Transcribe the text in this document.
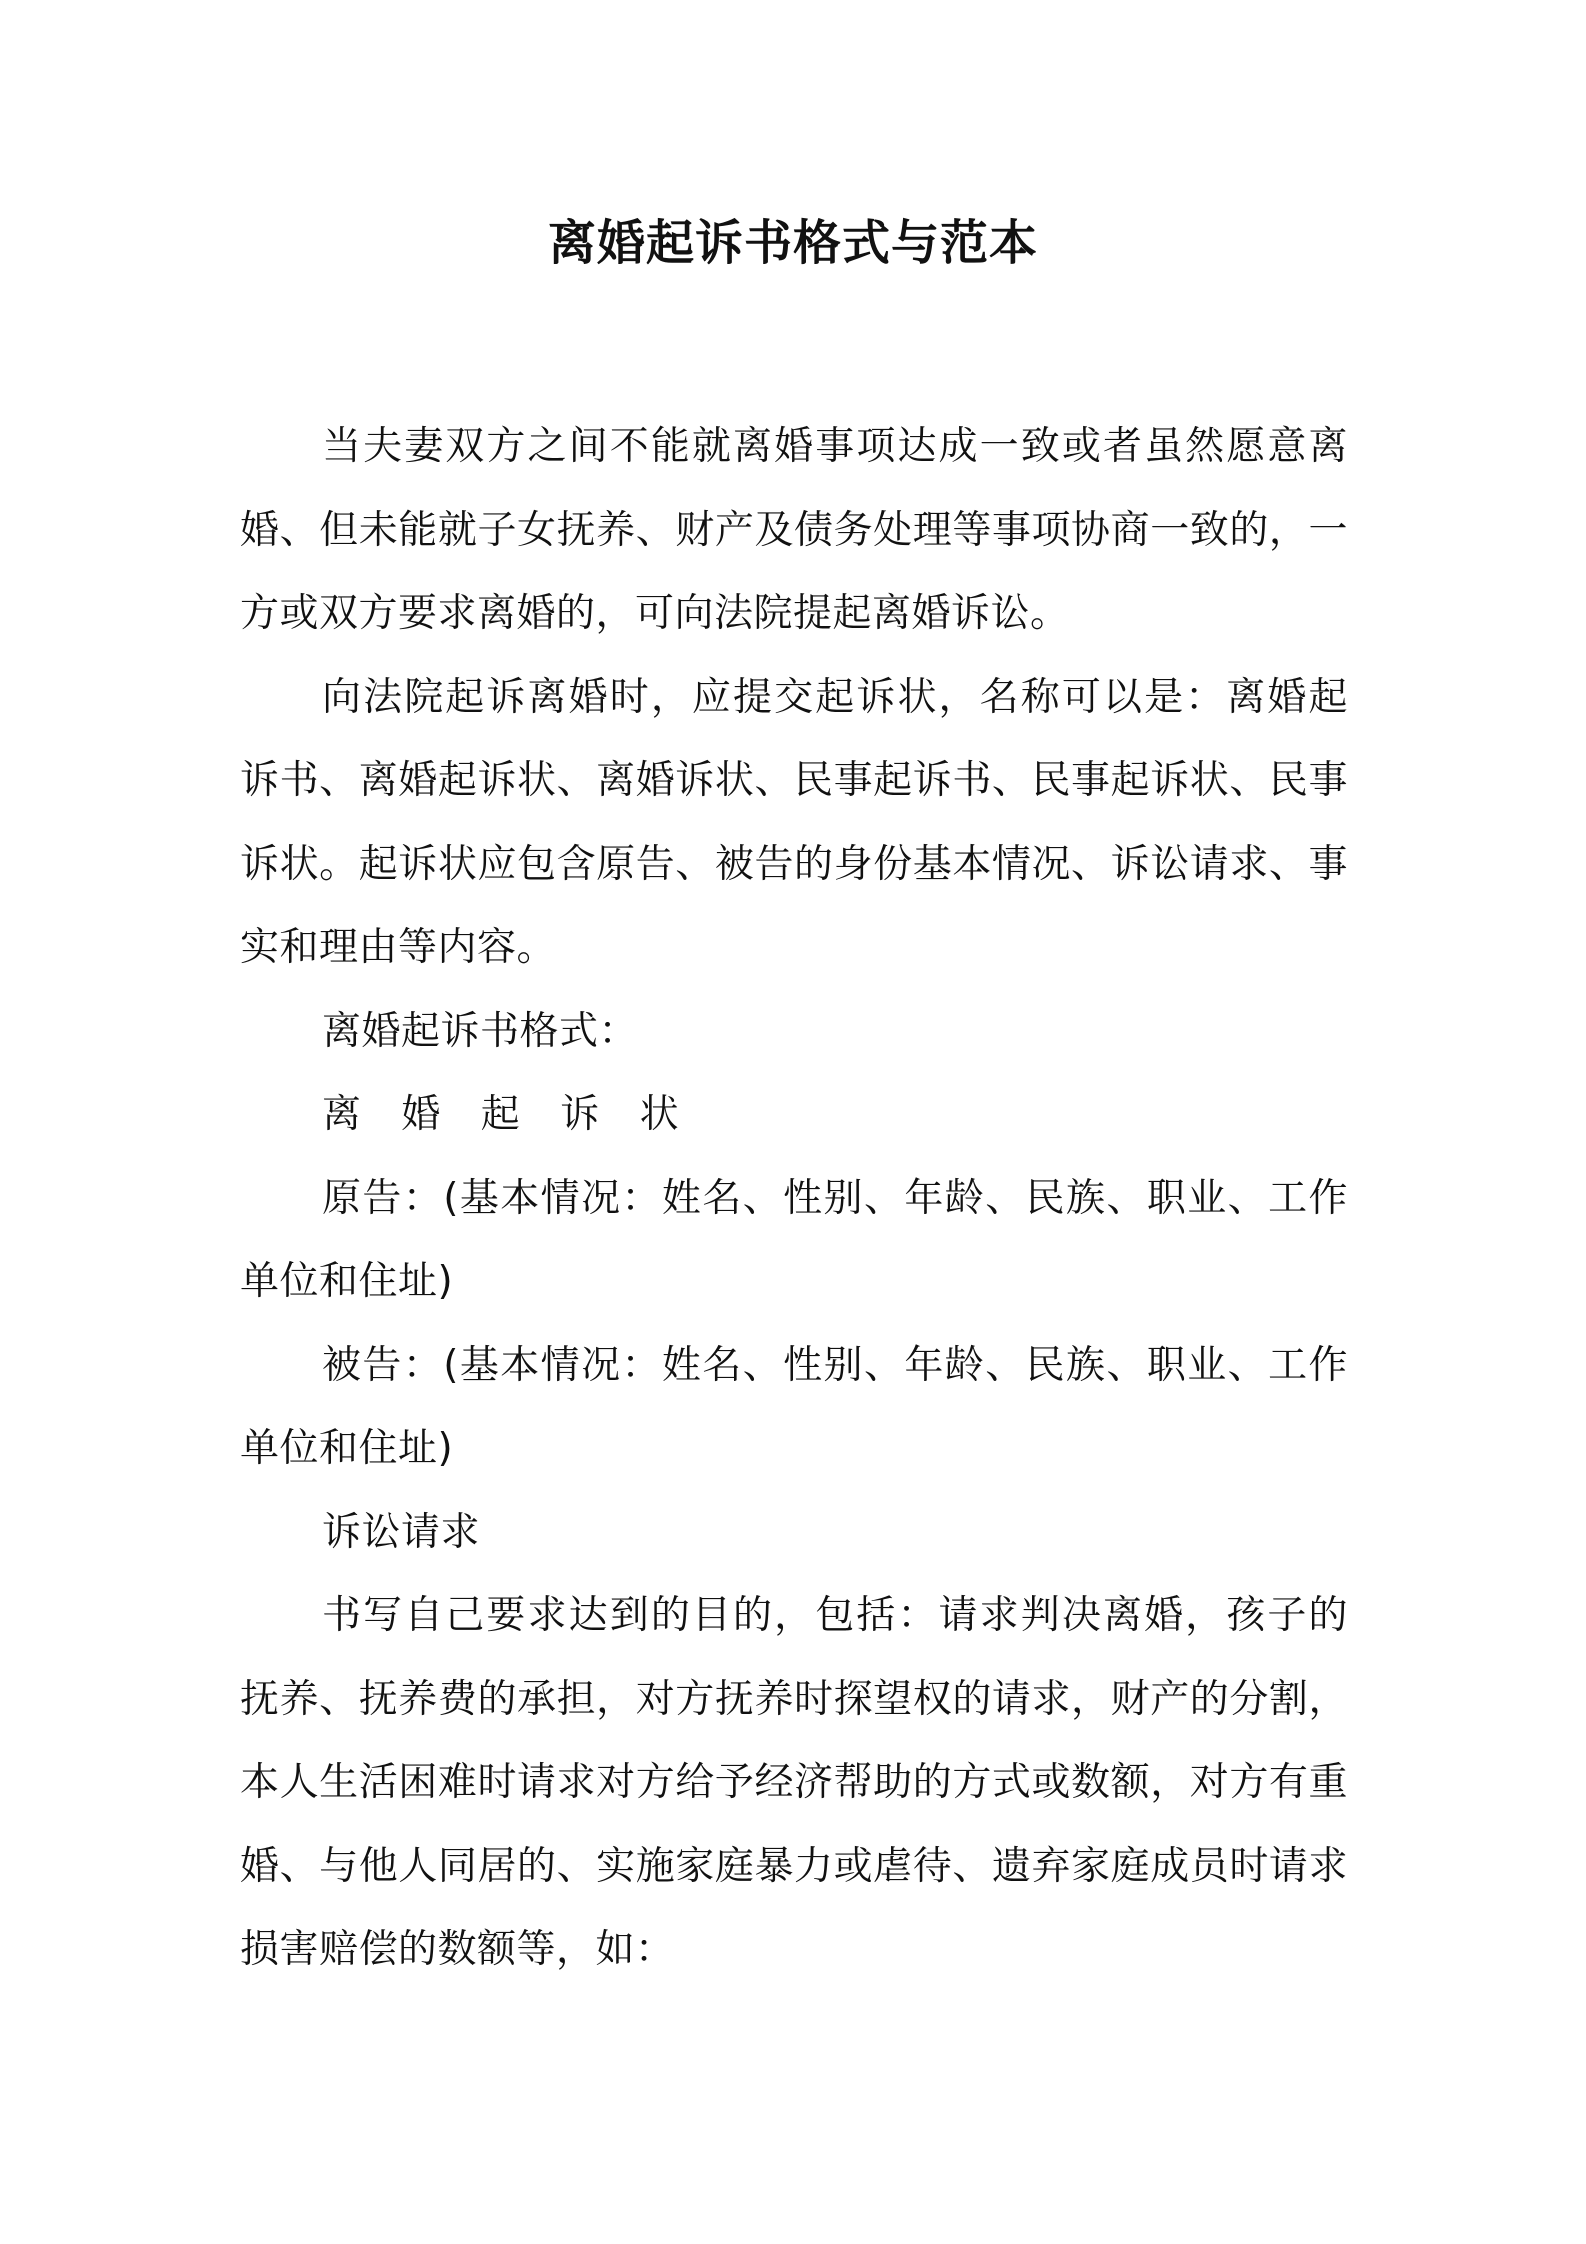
离婚起诉书格式与范本

当夫妻双方之间不能就离婚事项达成一致或者虽然愿意离婚、但未能就子女抚养、财产及债务处理等事项协商一致的，一方或双方要求离婚的，可向法院提起离婚诉讼。

向法院起诉离婚时，应提交起诉状，名称可以是：离婚起诉书、离婚起诉状、离婚诉状、民事起诉书、民事起诉状、民事诉状。起诉状应包含原告、被告的身份基本情况、诉讼请求、事实和理由等内容。

离婚起诉书格式：

离 婚 起 诉 状

原告：(基本情况：姓名、性别、年龄、民族、职业、工作单位和住址)

被告：(基本情况：姓名、性别、年龄、民族、职业、工作单位和住址)

诉讼请求

书写自己要求达到的目的，包括：请求判决离婚，孩子的抚养、抚养费的承担，对方抚养时探望权的请求，财产的分割，本人生活困难时请求对方给予经济帮助的方式或数额，对方有重婚、与他人同居的、实施家庭暴力或虐待、遗弃家庭成员时请求损害赔偿的数额等，如：
